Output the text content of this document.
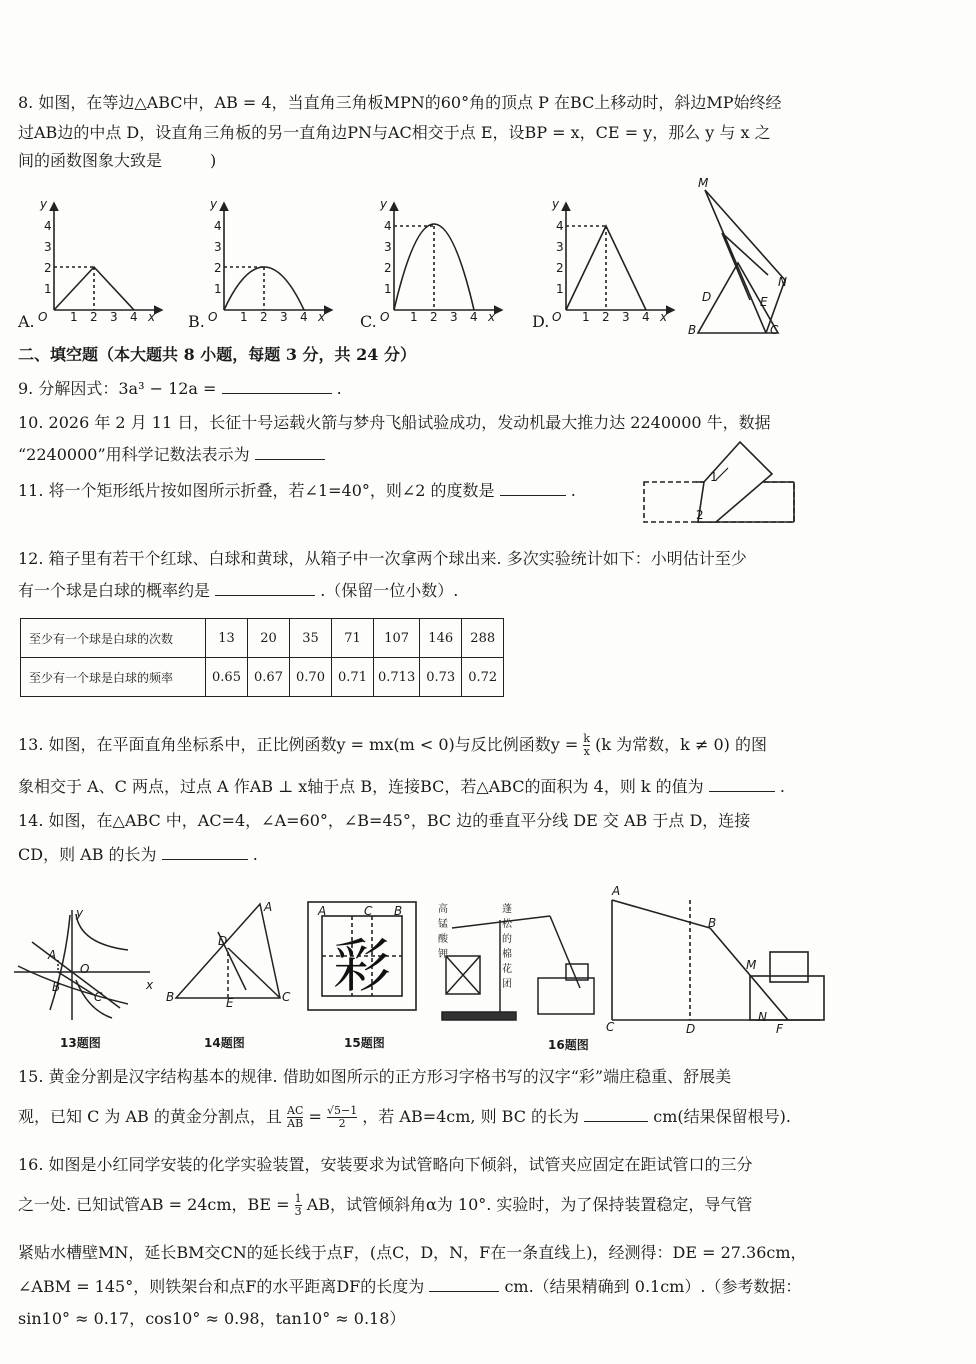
8. 如图，在等边△ABC中，AB = 4，当直角三角板MPN的60°角的顶点 P 在BC上移动时，斜边MP始终经
过AB边的中点 D，设直角三角板的另一直角边PN与AC相交于点 E，设BP = x，CE = y，那么 y 与 x 之
间的函数图象大致是　　　)
A.	B.	C.	D.
y
O	x
1 2 3 4
1
2
3
4
y
O	x
1 2 3 4
1
2
3
4
y
O	x
1 2 3 4
1
2
3
4
y
O	x
1 2 3 4
1
2
3
4
M
N
D	E
B	C
二、填空题（本大题共 8 小题，每题 3 分，共 24 分）
9. 分解因式：3a³ − 12a =	.
10. 2026 年 2 月 11 日，长征十号运载火箭与梦舟飞船试验成功，发动机最大推力达 2240000 牛，数据
“2240000”用科学记数法表示为
11. 将一个矩形纸片按如图所示折叠，若∠1=40°，则∠2 的度数是	.
1
2
12. 箱子里有若干个红球、白球和黄球，从箱子中一次拿两个球出来. 多次实验统计如下：小明估计至少
有一个球是白球的概率约是	.（保留一位小数）.
至少有一个球是白球的次数	13	20	35	71	107	146	288
至少有一个球是白球的频率	0.65	0.67	0.70	0.71	0.713	0.73	0.72
13. 如图，在平面直角坐标系中，正比例函数y = mx(m < 0)与反比例函数$y = \frac{k}{x} (k$ 为常数，k ≠ 0) 的图
象相交于 A、C 两点，过点 A 作AB ⊥ x轴于点 B，连接BC，若△ABC的面积为 4，则 k 的值为	.
14. 如图，在△ABC 中，AC=4，∠A=60°，∠B=45°，BC 边的垂直平分线 DE 交 AB 于点 D，连接
CD，则 AB 的长为	.
彩
y
A
O
B
C
x
A
D
B	E	C
A	C B	高锰酸钾
蓬松的棉花团
A
B
M
C	F
N
D
13题图	14题图	15题图	16题图
15. 黄金分割是汉字结构基本的规律. 借助如图所示的正方形习字格书写的汉字“彩”端庄稳重、舒展美
观，已知 C 为 AB 的黄金分割点，且 $\frac{AC}{AB} = \frac{√5-1}{2}$ ，若 AB=4cm, 则 BC 的长为	cm(结果保留根号).
16. 如图是小红同学安装的化学实验装置，安装要求为试管略向下倾斜，试管夹应固定在距试管口的三分
之一处. 已知试管AB = 24cm，BE = $\frac{1}{3}$ AB，试管倾斜角α为 10°. 实验时，为了保持装置稳定，导气管
紧贴水槽壁MN，延长BM交CN的延长线于点F，(点C，D，N，F在一条直线上)，经测得：DE = 27.36cm，
∠ABM = 145°，则铁架台和点F的水平距离DF的长度为	cm.（结果精确到 0.1cm）.（参考数据：
sin10° ≈ 0.17，cos10° ≈ 0.98，tan10° ≈ 0.18）
